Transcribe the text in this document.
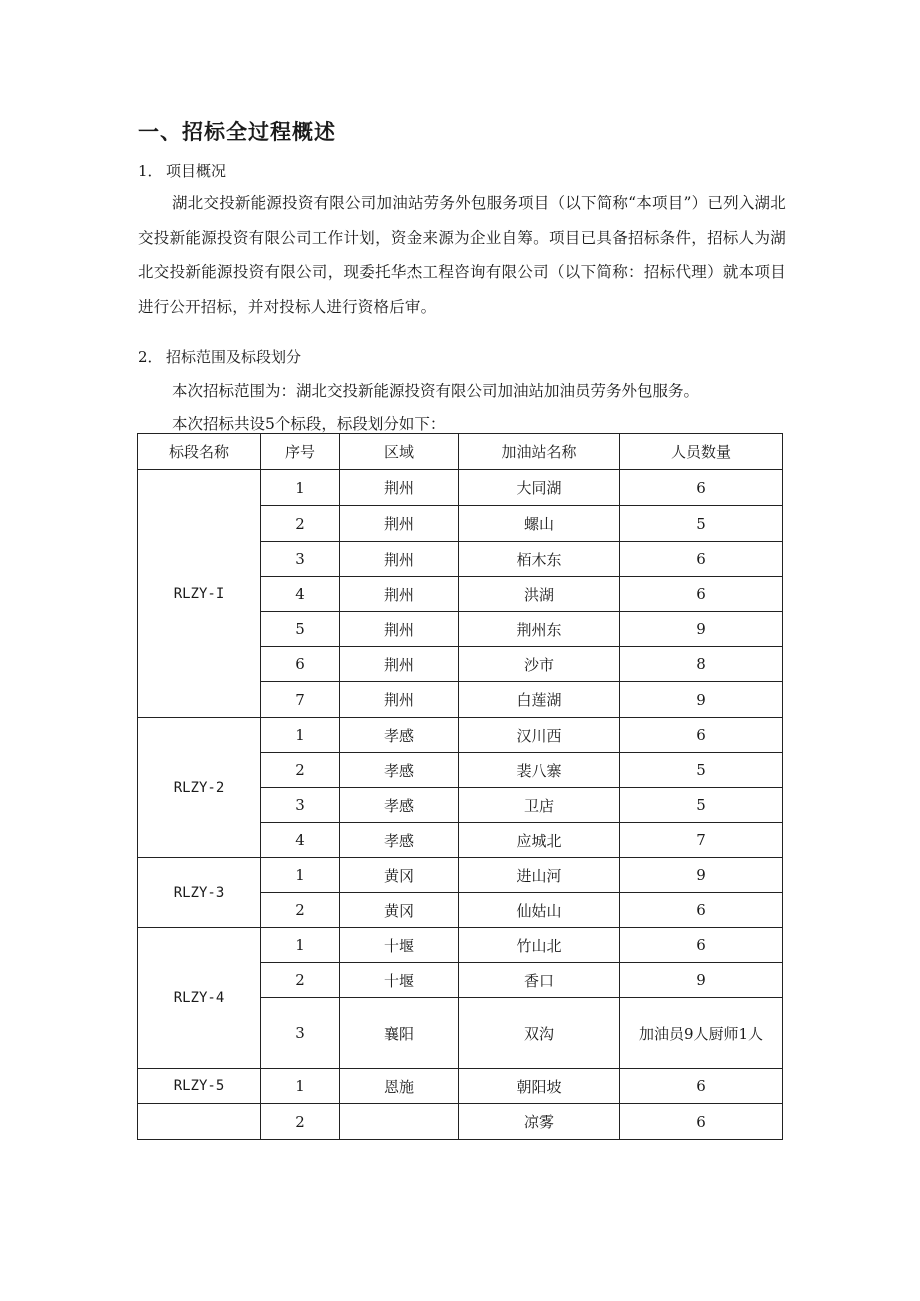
一、招标全过程概述

1． 项目概况

湖北交投新能源投资有限公司加油站劳务外包服务项目（以下简称“本项目”）已列入湖北交投新能源投资有限公司工作计划，资金来源为企业自筹。项目已具备招标条件，招标人为湖北交投新能源投资有限公司，现委托华杰工程咨询有限公司（以下简称：招标代理）就本项目进行公开招标，并对投标人进行资格后审。

2． 招标范围及标段划分

本次招标范围为：湖北交投新能源投资有限公司加油站加油员劳务外包服务。

本次招标共设5个标段，标段划分如下：

标段名称	序号	区域	加油站名称	人员数量
RLZY-I	1	荆州	大同湖	6
	2	荆州	螺山	5
	3	荆州	栢木东	6
	4	荆州	洪湖	6
	5	荆州	荆州东	9
	6	荆州	沙市	8
	7	荆州	白莲湖	9
RLZY-2	1	孝感	汉川西	6
	2	孝感	裴八寨	5
	3	孝感	卫店	5
	4	孝感	应城北	7
RLZY-3	1	黄冈	进山河	9
	2	黄冈	仙姑山	6
RLZY-4	1	十堰	竹山北	6
	2	十堰	香口	9
	3	襄阳	双沟	加油员9人厨师1人
RLZY-5	1	恩施	朝阳坡	6
	2		凉雾	6
